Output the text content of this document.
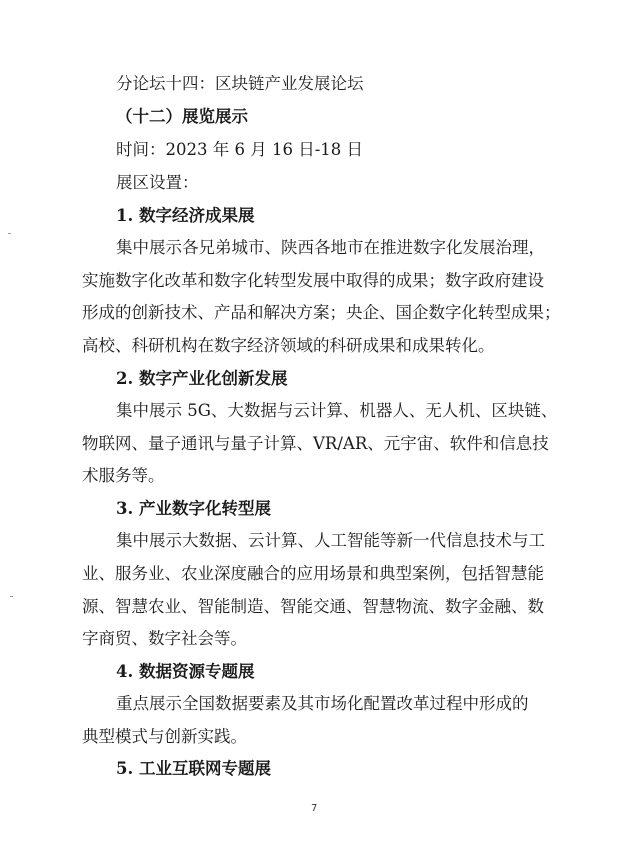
分论坛十四：区块链产业发展论坛
（十二）展览展示
时间：2023 年 6 月 16 日-18 日
展区设置：
1. 数字经济成果展
集中展示各兄弟城市、陕西各地市在推进数字化发展治理，
实施数字化改革和数字化转型发展中取得的成果；数字政府建设
形成的创新技术、产品和解决方案；央企、国企数字化转型成果；
高校、科研机构在数字经济领域的科研成果和成果转化。
2. 数字产业化创新发展
集中展示 5G、大数据与云计算、机器人、无人机、区块链、
物联网、量子通讯与量子计算、VR/AR、元宇宙、软件和信息技
术服务等。
3. 产业数字化转型展
集中展示大数据、云计算、人工智能等新一代信息技术与工
业、服务业、农业深度融合的应用场景和典型案例，包括智慧能
源、智慧农业、智能制造、智能交通、智慧物流、数字金融、数
字商贸、数字社会等。
4. 数据资源专题展
重点展示全国数据要素及其市场化配置改革过程中形成的
典型模式与创新实践。
5. 工业互联网专题展
7
